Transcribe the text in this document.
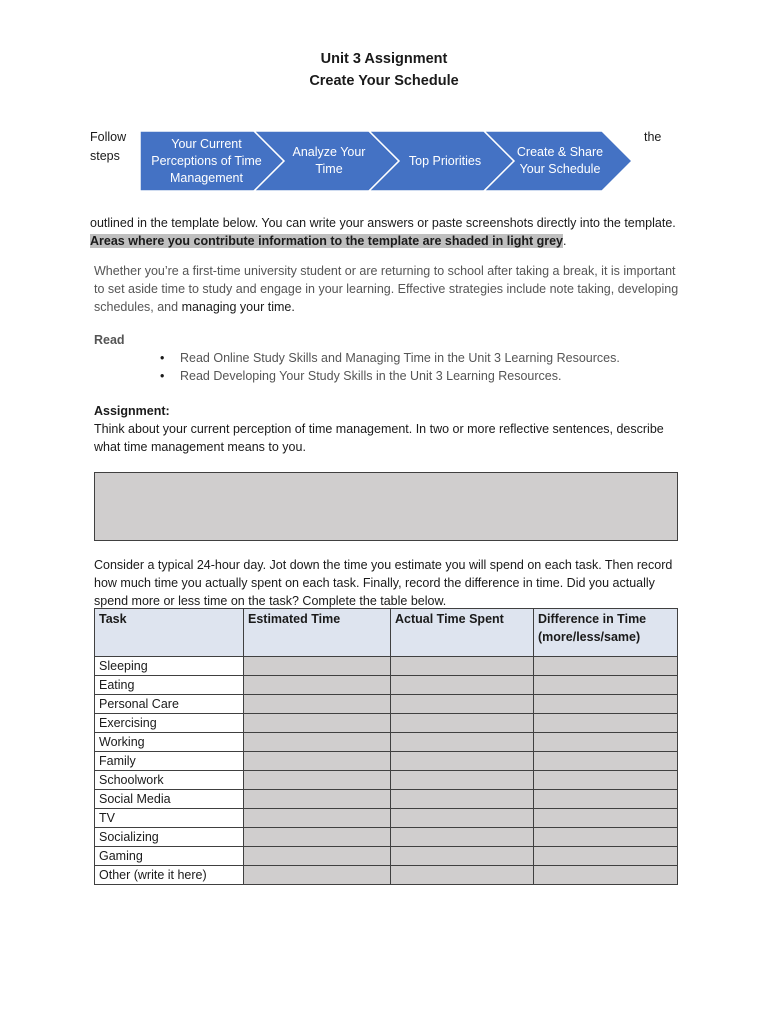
Unit 3 Assignment
Create Your Schedule
Follow steps
the
Your Current Perceptions of Time Management
Analyze Your Time
Top Priorities
Create & Share Your Schedule
outlined in the template below. You can write your answers or paste screenshots directly into the template. Areas where you contribute information to the template are shaded in light grey.
Whether you’re a first-time university student or are returning to school after taking a break, it is important to set aside time to study and engage in your learning. Effective strategies include note taking, developing schedules, and managing your time.
Read
• Read Online Study Skills and Managing Time in the Unit 3 Learning Resources.
• Read Developing Your Study Skills in the Unit 3 Learning Resources.
Assignment:
Think about your current perception of time management. In two or more reflective sentences, describe what time management means to you.
Consider a typical 24-hour day. Jot down the time you estimate you will spend on each task. Then record how much time you actually spent on each task. Finally, record the difference in time. Did you actually spend more or less time on the task? Complete the table below.
Task	Estimated Time	Actual Time Spent	Difference in Time (more/less/same)
Sleeping			
Eating			
Personal Care			
Exercising			
Working			
Family			
Schoolwork			
Social Media			
TV			
Socializing			
Gaming			
Other (write it here)			
